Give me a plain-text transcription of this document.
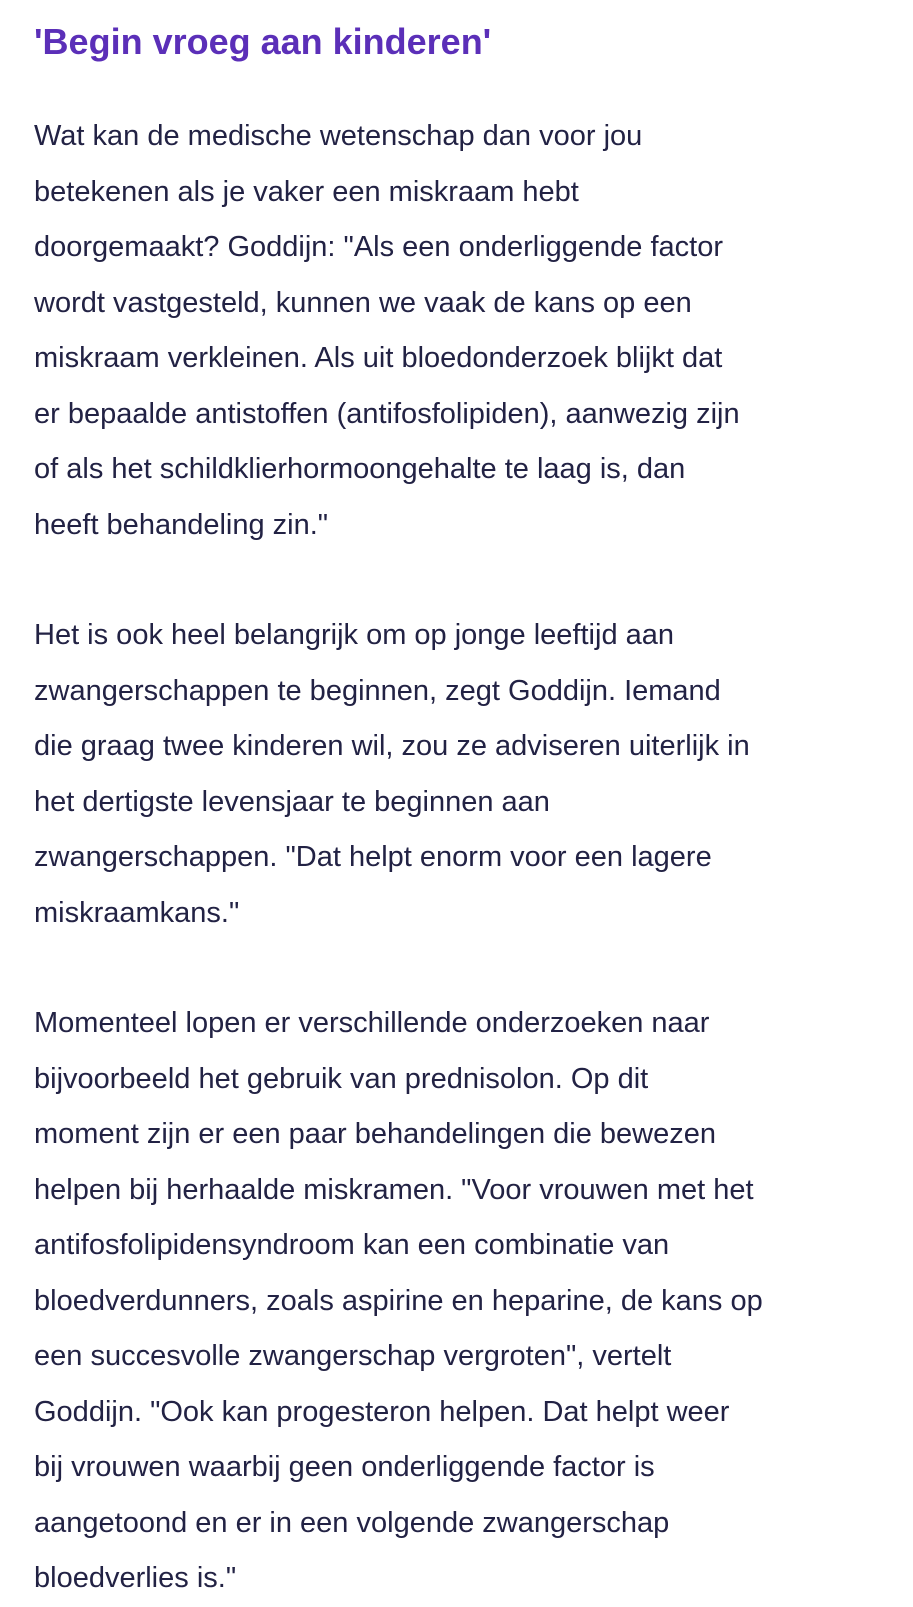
'Begin vroeg aan kinderen'

Wat kan de medische wetenschap dan voor jou
betekenen als je vaker een miskraam hebt
doorgemaakt? Goddijn: "Als een onderliggende factor
wordt vastgesteld, kunnen we vaak de kans op een
miskraam verkleinen. Als uit bloedonderzoek blijkt dat
er bepaalde antistoffen (antifosfolipiden), aanwezig zijn
of als het schildklierhormoongehalte te laag is, dan
heeft behandeling zin."

Het is ook heel belangrijk om op jonge leeftijd aan
zwangerschappen te beginnen, zegt Goddijn. Iemand
die graag twee kinderen wil, zou ze adviseren uiterlijk in
het dertigste levensjaar te beginnen aan
zwangerschappen. "Dat helpt enorm voor een lagere
miskraamkans."

Momenteel lopen er verschillende onderzoeken naar
bijvoorbeeld het gebruik van prednisolon. Op dit
moment zijn er een paar behandelingen die bewezen
helpen bij herhaalde miskramen. "Voor vrouwen met het
antifosfolipidensyndroom kan een combinatie van
bloedverdunners, zoals aspirine en heparine, de kans op
een succesvolle zwangerschap vergroten", vertelt
Goddijn. "Ook kan progesteron helpen. Dat helpt weer
bij vrouwen waarbij geen onderliggende factor is
aangetoond en er in een volgende zwangerschap
bloedverlies is."
